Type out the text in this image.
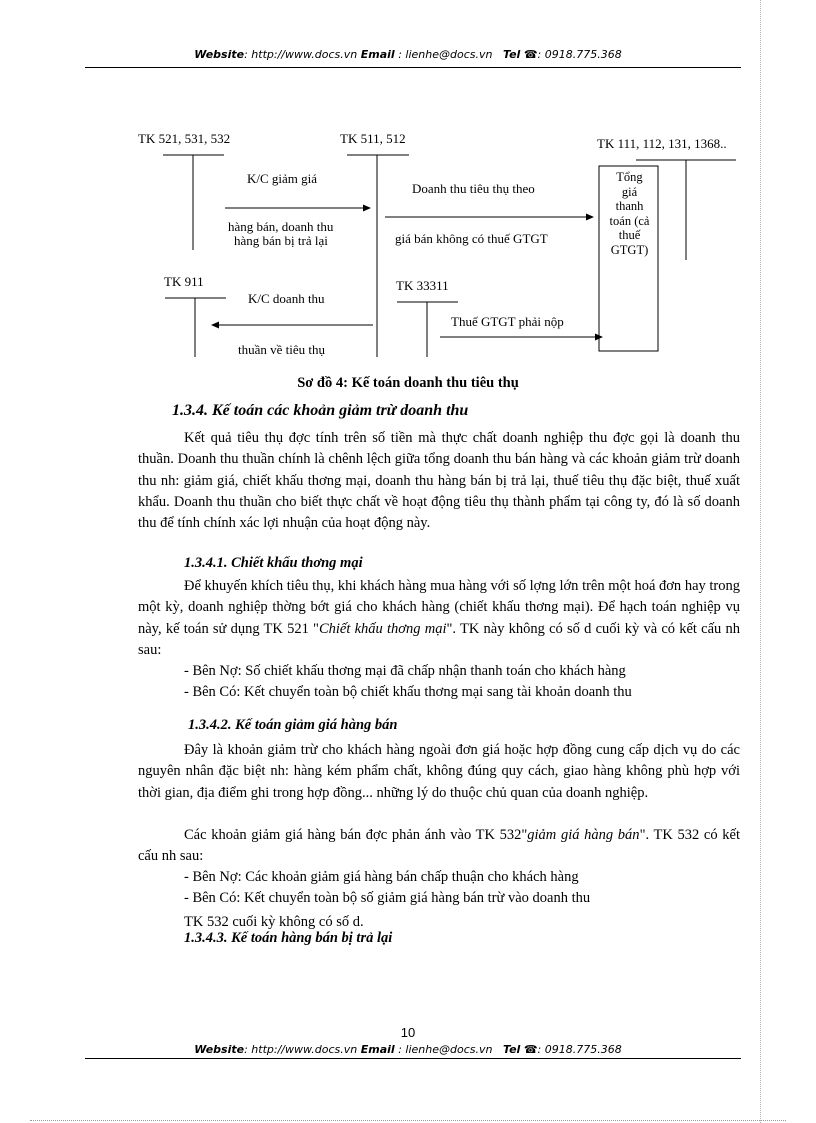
Website: http://www.docs.vn Email : lienhe@docs.vn Tel ☎: 0918.775.368
TK 521, 531, 532	TK 511, 512	TK 111, 112, 131, 1368..
K/C giảm giá
hàng bán, doanh thu
hàng bán bị trả lại
Doanh thu tiêu thụ theo
giá bán không có thuế GTGT
Tổng
giá
thanh
toán (cả
thuế
GTGT)
TK 911	TK 33311
K/C doanh thu
thuần về tiêu thụ
Thuế GTGT phải nộp
Sơ đồ 4: Kế toán doanh thu tiêu thụ
1.3.4. Kế toán các khoản giảm trừ doanh thu
Kết quả tiêu thụ đợc tính trên số tiền mà thực chất doanh nghiệp thu đợc gọi là doanh thu thuần. Doanh thu thuần chính là chênh lệch giữa tổng doanh thu bán hàng và các khoản giảm trừ doanh thu nh: giảm giá, chiết khấu thơng mại, doanh thu hàng bán bị trả lại, thuế tiêu thụ đặc biệt, thuế xuất khẩu. Doanh thu thuần cho biết thực chất về hoạt động tiêu thụ thành phẩm tại công ty, đó là số doanh thu để tính chính xác lợi nhuận của hoạt động này.
1.3.4.1. Chiết khấu thơng mại
Để khuyến khích tiêu thụ, khi khách hàng mua hàng với số lợng lớn trên một hoá đơn hay trong một kỳ, doanh nghiệp thờng bớt giá cho khách hàng (chiết khấu thơng mại). Để hạch toán nghiệp vụ này, kế toán sử dụng TK 521 "Chiết khấu thơng mại". TK này không có số d cuối kỳ và có kết cấu nh sau:
- Bên Nợ: Số chiết khấu thơng mại đã chấp nhận thanh toán cho khách hàng
- Bên Có: Kết chuyển toàn bộ chiết khấu thơng mại sang tài khoản doanh thu
1.3.4.2. Kế toán giảm giá hàng bán
Đây là khoản giảm trừ cho khách hàng ngoài đơn giá hoặc hợp đồng cung cấp dịch vụ do các nguyên nhân đặc biệt nh: hàng kém phẩm chất, không đúng quy cách, giao hàng không phù hợp với thời gian, địa điểm ghi trong hợp đồng... những lý do thuộc chủ quan của doanh nghiệp.
Các khoản giảm giá hàng bán đợc phản ánh vào TK 532"giảm giá hàng bán". TK 532 có kết cấu nh sau:
- Bên Nợ: Các khoản giảm giá hàng bán chấp thuận cho khách hàng
- Bên Có: Kết chuyển toàn bộ số giảm giá hàng bán trừ vào doanh thu
TK 532 cuối kỳ không có số d.
1.3.4.3. Kế toán hàng bán bị trả lại
10
Website: http://www.docs.vn Email : lienhe@docs.vn Tel ☎: 0918.775.368
